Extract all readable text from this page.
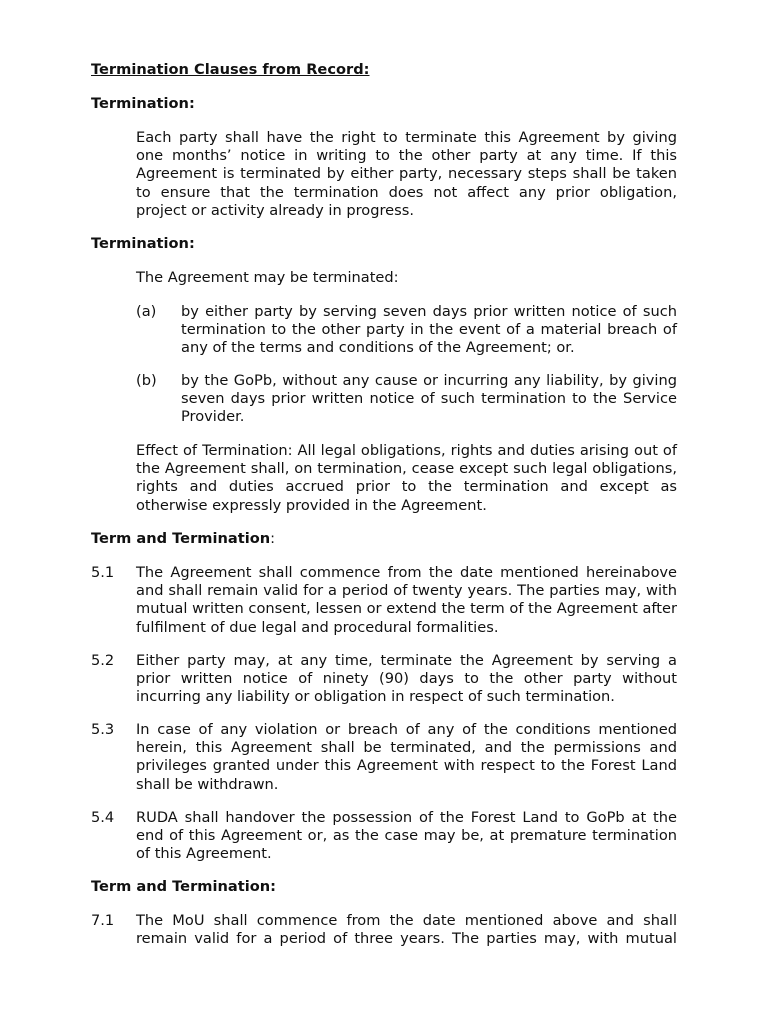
Termination Clauses from Record:
Termination:
Each party shall have the right to terminate this Agreement by giving one months’ notice in writing to the other party at any time. If this Agreement is terminated by either party, necessary steps shall be taken to ensure that the termination does not affect any prior obligation, project or activity already in progress.
Termination:
The Agreement may be terminated:
(a) by either party by serving seven days prior written notice of such termination to the other party in the event of a material breach of any of the terms and conditions of the Agreement; or.
(b) by the GoPb, without any cause or incurring any liability, by giving seven days prior written notice of such termination to the Service Provider.
Effect of Termination: All legal obligations, rights and duties arising out of the Agreement shall, on termination, cease except such legal obligations, rights and duties accrued prior to the termination and except as otherwise expressly provided in the Agreement.
Term and Termination:
5.1 The Agreement shall commence from the date mentioned hereinabove and shall remain valid for a period of twenty years. The parties may, with mutual written consent, lessen or extend the term of the Agreement after fulfilment of due legal and procedural formalities.
5.2 Either party may, at any time, terminate the Agreement by serving a prior written notice of ninety (90) days to the other party without incurring any liability or obligation in respect of such termination.
5.3 In case of any violation or breach of any of the conditions mentioned herein, this Agreement shall be terminated, and the permissions and privileges granted under this Agreement with respect to the Forest Land shall be withdrawn.
5.4 RUDA shall handover the possession of the Forest Land to GoPb at the end of this Agreement or, as the case may be, at premature termination of this Agreement.
Term and Termination:
7.1 The MoU shall commence from the date mentioned above and shall remain valid for a period of three years. The parties may, with mutual
